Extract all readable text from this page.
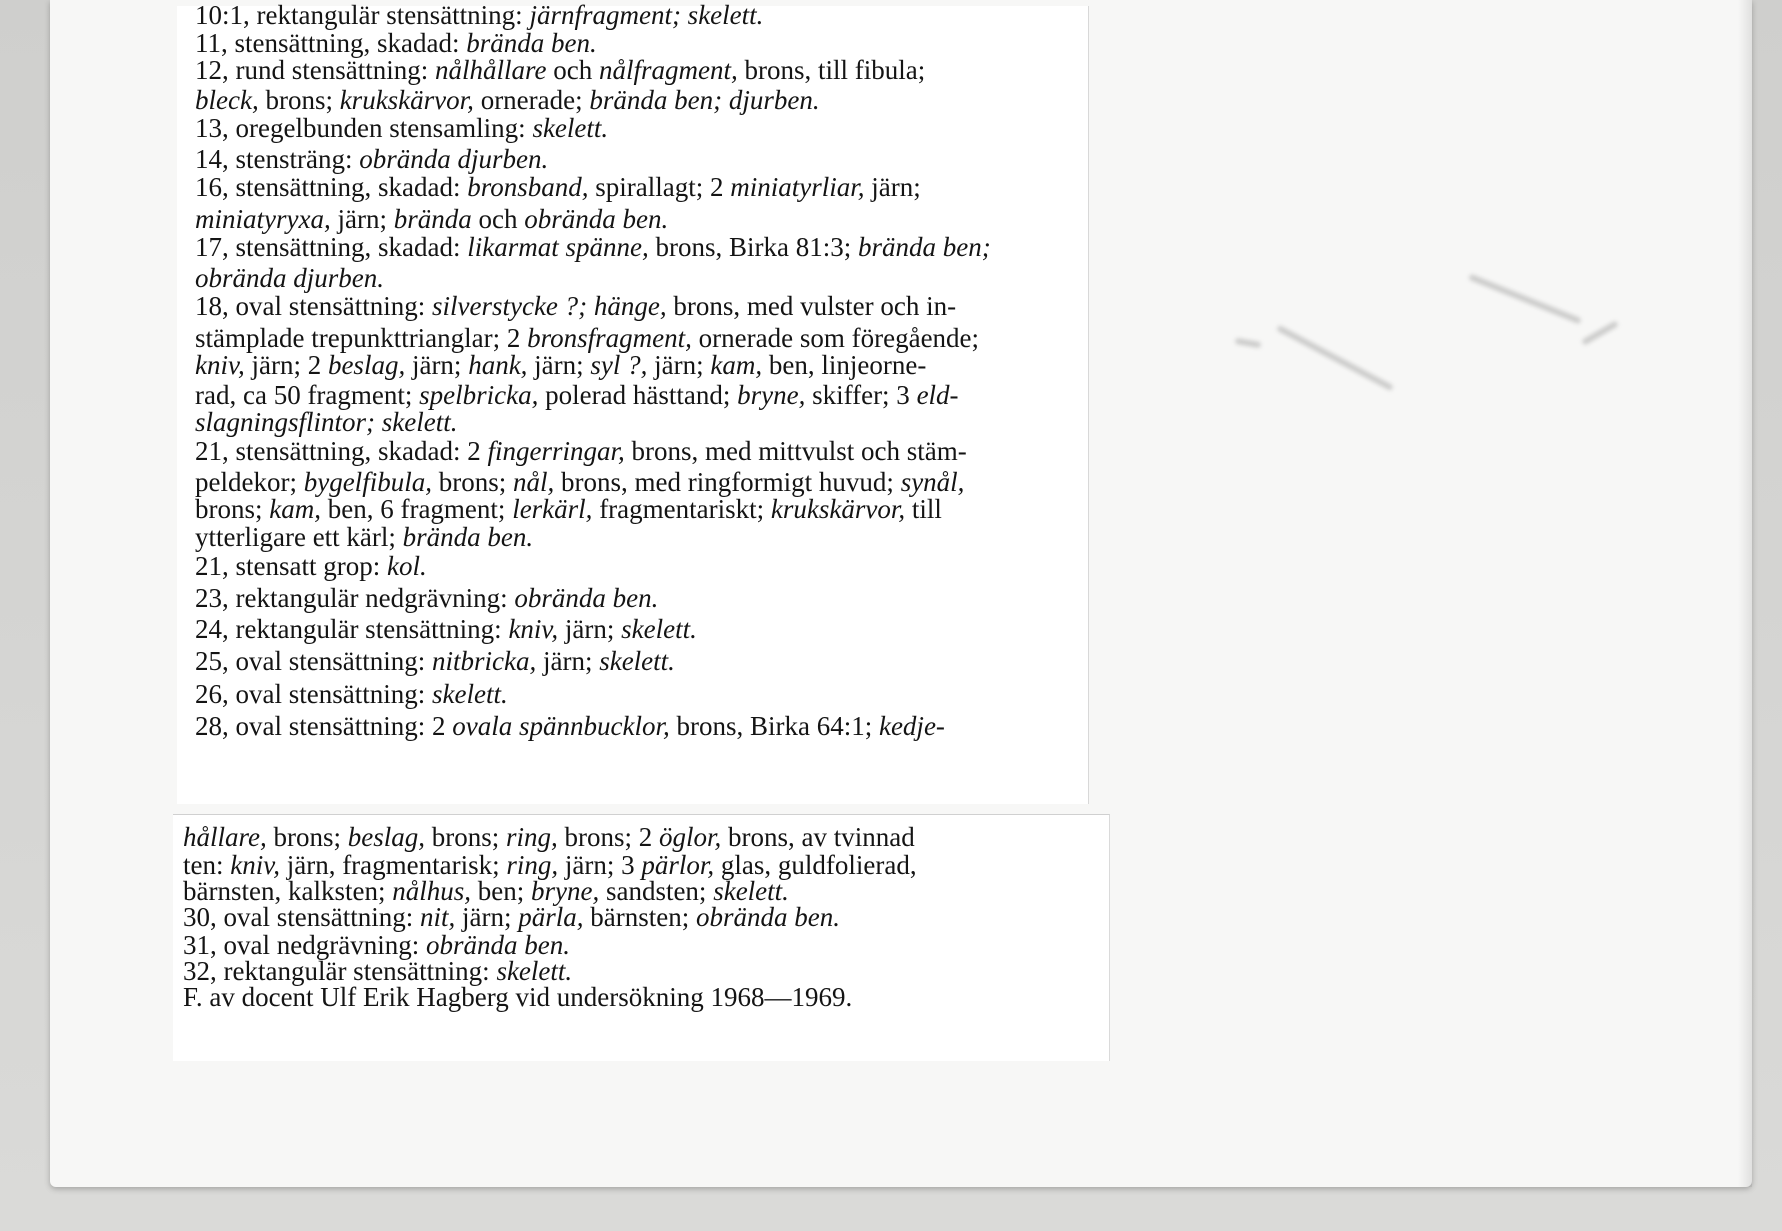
10:1, rektangulär stensättning: järnfragment; skelett.
11, stensättning, skadad: brända ben.
12, rund stensättning: nålhållare och nålfragment, brons, till fibula;
bleck, brons; krukskärvor, ornerade; brända ben; djurben.
13, oregelbunden stensamling: skelett.
14, stensträng: obrända djurben.
16, stensättning, skadad: bronsband, spirallagt; 2 miniatyrliar, järn;
miniatyryxa, järn; brända och obrända ben.
17, stensättning, skadad: likarmat spänne, brons, Birka 81:3; brända ben;
obrända djurben.
18, oval stensättning: silverstycke ?; hänge, brons, med vulster och in-
stämplade trepunkttrianglar; 2 bronsfragment, ornerade som föregående;
kniv, järn; 2 beslag, järn; hank, järn; syl ?, järn; kam, ben, linjeorne-
rad, ca 50 fragment; spelbricka, polerad hästtand; bryne, skiffer; 3 eld-
slagningsflintor; skelett.
21, stensättning, skadad: 2 fingerringar, brons, med mittvulst och stäm-
peldekor; bygelfibula, brons; nål, brons, med ringformigt huvud; synål,
brons; kam, ben, 6 fragment; lerkärl, fragmentariskt; krukskärvor, till
ytterligare ett kärl; brända ben.
21, stensatt grop: kol.
23, rektangulär nedgrävning: obrända ben.
24, rektangulär stensättning: kniv, järn; skelett.
25, oval stensättning: nitbricka, järn; skelett.
26, oval stensättning: skelett.
28, oval stensättning: 2 ovala spännbucklor, brons, Birka 64:1; kedje-
hållare, brons; beslag, brons; ring, brons; 2 öglor, brons, av tvinnad
ten: kniv, järn, fragmentarisk; ring, järn; 3 pärlor, glas, guldfolierad,
bärnsten, kalksten; nålhus, ben; bryne, sandsten; skelett.
30, oval stensättning: nit, järn; pärla, bärnsten; obrända ben.
31, oval nedgrävning: obrända ben.
32, rektangulär stensättning: skelett.
F. av docent Ulf Erik Hagberg vid undersökning 1968—1969.
